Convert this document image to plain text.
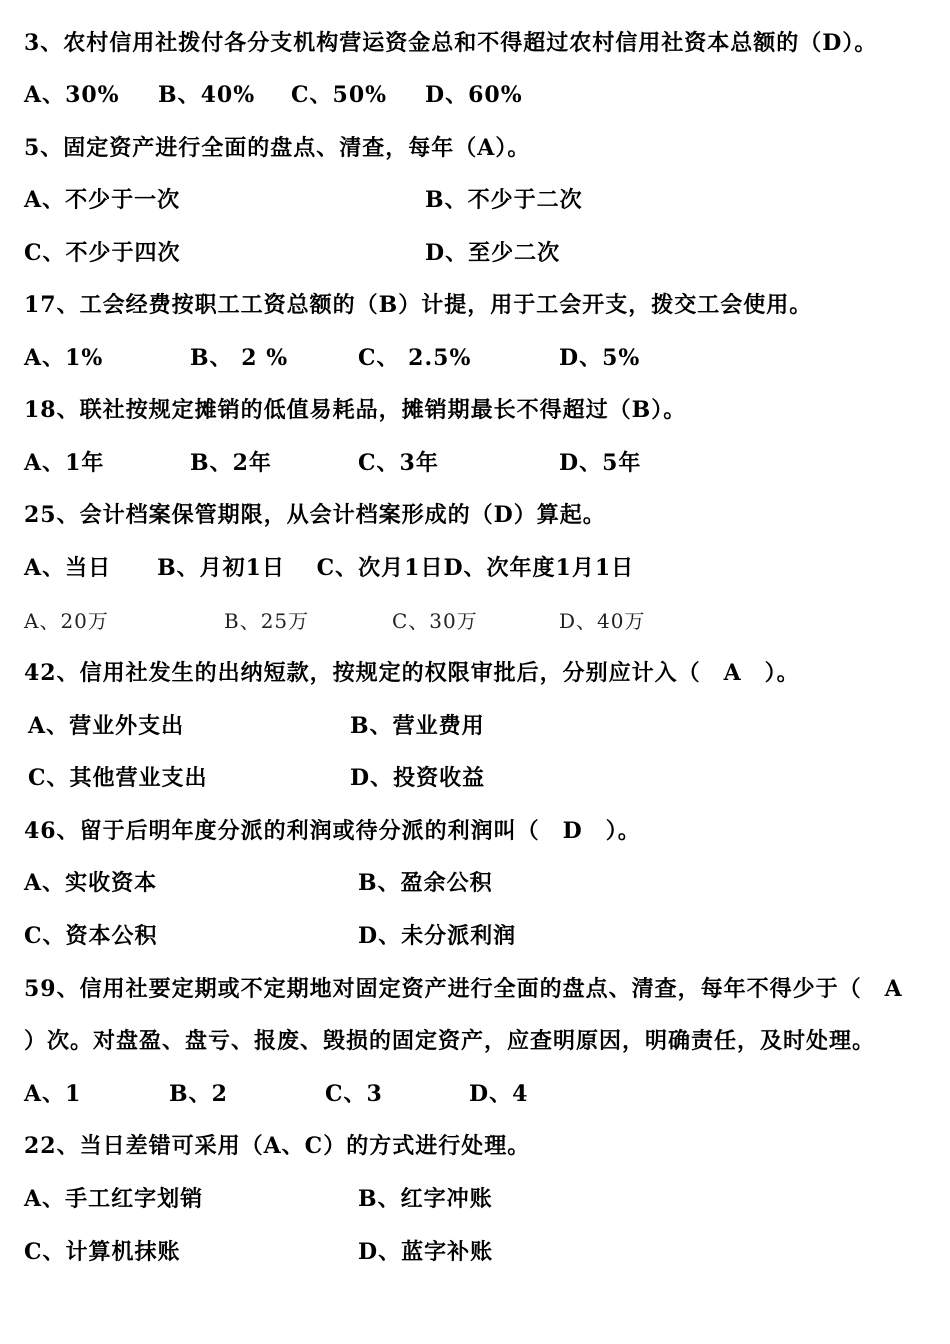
3、农村信用社拨付各分支机构营运资金总和不得超过农村信用社资本总额的（D）。
A、30% B、40% C、50% D、60%
5、固定资产进行全面的盘点、清查，每年（A）。
A、不少于一次	B、不少于二次
C、不少于四次	D、至少二次
17、工会经费按职工工资总额的（B）计提，用于工会开支，拨交工会使用。
A、1%	B、 2 %	C、 2.5%	D、5%
18、联社按规定摊销的低值易耗品，摊销期最长不得超过（B）。
A、1年	B、2年	C、3年	D、5年
25、会计档案保管期限，从会计档案形成的（D）算起。
A、当日　　B、月初1日　 C、次月1日D、次年度1月1日
A、20万	B、25万	C、30万	D、40万
42、信用社发生的出纳短款，按规定的权限审批后，分别应计入（　A　）。
A、营业外支出	B、营业费用
C、其他营业支出	D、投资收益
46、留于后明年度分派的利润或待分派的利润叫（　D　）。
A、实收资本	B、盈余公积
C、资本公积	D、未分派利润
59、信用社要定期或不定期地对固定资产进行全面的盘点、清查，每年不得少于（　A
）次。对盘盈、盘亏、报废、毁损的固定资产，应查明原因，明确责任，及时处理。
A、1	B、2	C、3	D、4
22、当日差错可采用（A、C）的方式进行处理。
A、手工红字划销	B、红字冲账
C、计算机抹账	D、蓝字补账
